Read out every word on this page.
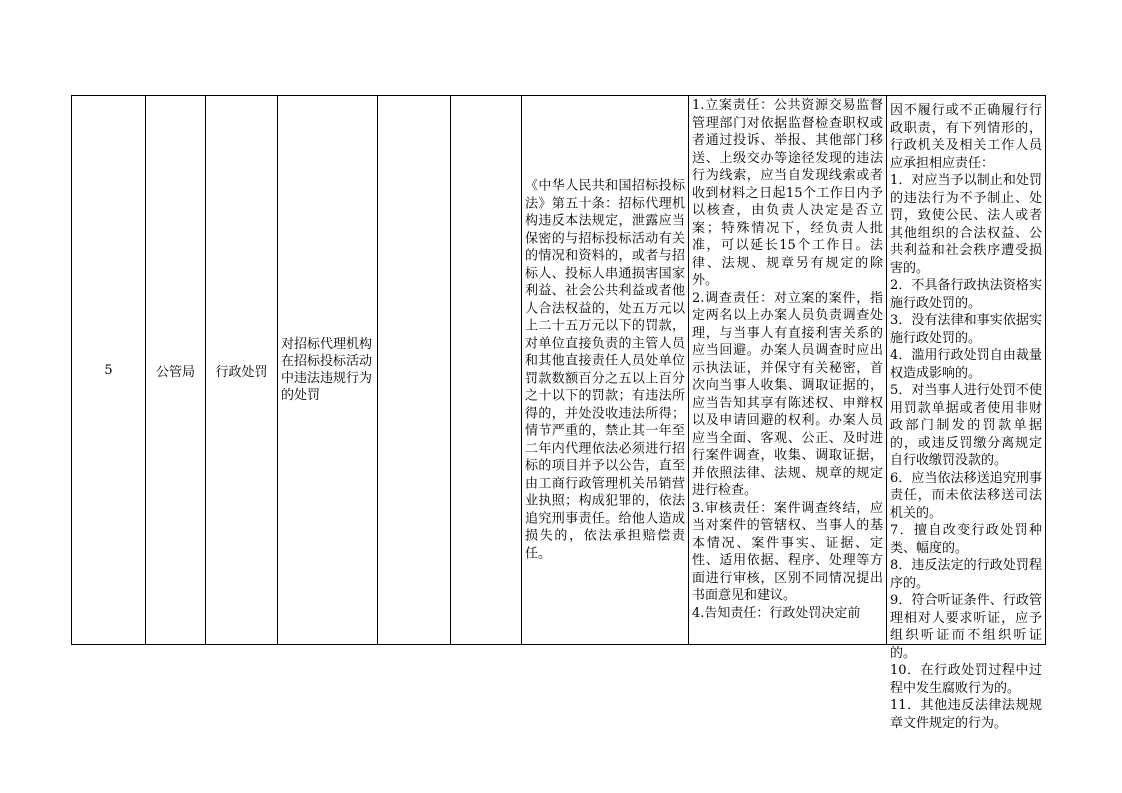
5	公管局	行政处罚
对招标代理机构在招标投标活动中违法违规行为的处罚
《中华人民共和国招标投标法》第五十条：招标代理机构违反本法规定，泄露应当保密的与招标投标活动有关的情况和资料的，或者与招标人、投标人串通损害国家利益、社会公共利益或者他人合法权益的，处五万元以上二十五万元以下的罚款，对单位直接负责的主管人员和其他直接责任人员处单位罚款数额百分之五以上百分之十以下的罚款；有违法所得的，并处没收违法所得；情节严重的，禁止其一年至二年内代理依法必须进行招标的项目并予以公告，直至由工商行政管理机关吊销营业执照；构成犯罪的，依法追究刑事责任。给他人造成损失的，依法承担赔偿责任。
1.立案责任：公共资源交易监督管理部门对依据监督检查职权或者通过投诉、举报、其他部门移送、上级交办等途径发现的违法行为线索，应当自发现线索或者收到材料之日起15个工作日内予以核查，由负责人决定是否立案；特殊情况下，经负责人批准，可以延长15个工作日。法律、法规、规章另有规定的除外。
2.调查责任：对立案的案件，指定两名以上办案人员负责调查处理，与当事人有直接利害关系的应当回避。办案人员调查时应出示执法证，并保守有关秘密，首次向当事人收集、调取证据的，应当告知其享有陈述权、申辩权以及申请回避的权利。办案人员应当全面、客观、公正、及时进行案件调查，收集、调取证据，并依照法律、法规、规章的规定进行检查。
3.审核责任：案件调查终结，应当对案件的管辖权、当事人的基本情况、案件事实、证据、定性、适用依据、程序、处理等方面进行审核，区别不同情况提出书面意见和建议。
4.告知责任：行政处罚决定前
因不履行或不正确履行行政职责，有下列情形的，行政机关及相关工作人员应承担相应责任：
1．对应当予以制止和处罚的违法行为不予制止、处罚，致使公民、法人或者其他组织的合法权益、公共利益和社会秩序遭受损害的。
2．不具备行政执法资格实施行政处罚的。
3．没有法律和事实依据实施行政处罚的。
4．滥用行政处罚自由裁量权造成影响的。
5．对当事人进行处罚不使用罚款单据或者使用非财政部门制发的罚款单据的，或违反罚缴分离规定自行收缴罚没款的。
6．应当依法移送追究刑事责任，而未依法移送司法机关的。
7．擅自改变行政处罚种类、幅度的。
8．违反法定的行政处罚程序的。
9．符合听证条件、行政管理相对人要求听证，应予组织听证而不组织听证的。
10．在行政处罚过程中过程中发生腐败行为的。
11．其他违反法律法规规章文件规定的行为。
